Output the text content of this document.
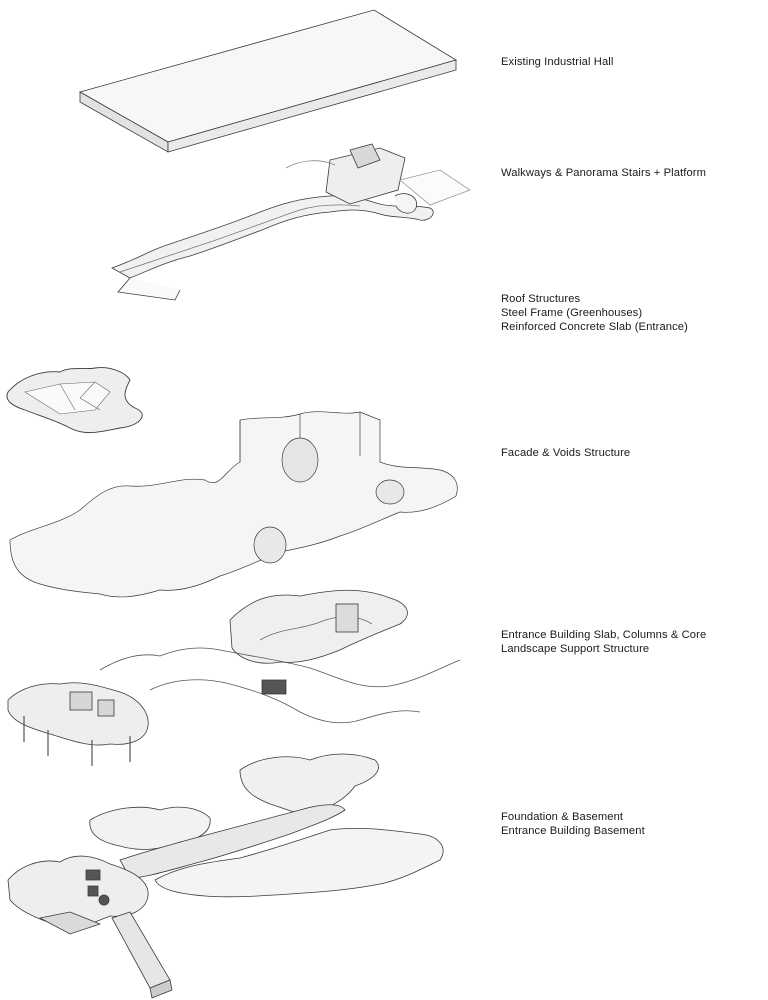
Existing Industrial Hall
Walkways & Panorama Stairs + Platform
Roof Structures
Steel Frame (Greenhouses)
Reinforced Concrete Slab (Entrance)
Facade & Voids Structure
Entrance Building Slab, Columns & Core
Landscape Support Structure
Foundation & Basement
Entrance Building Basement
